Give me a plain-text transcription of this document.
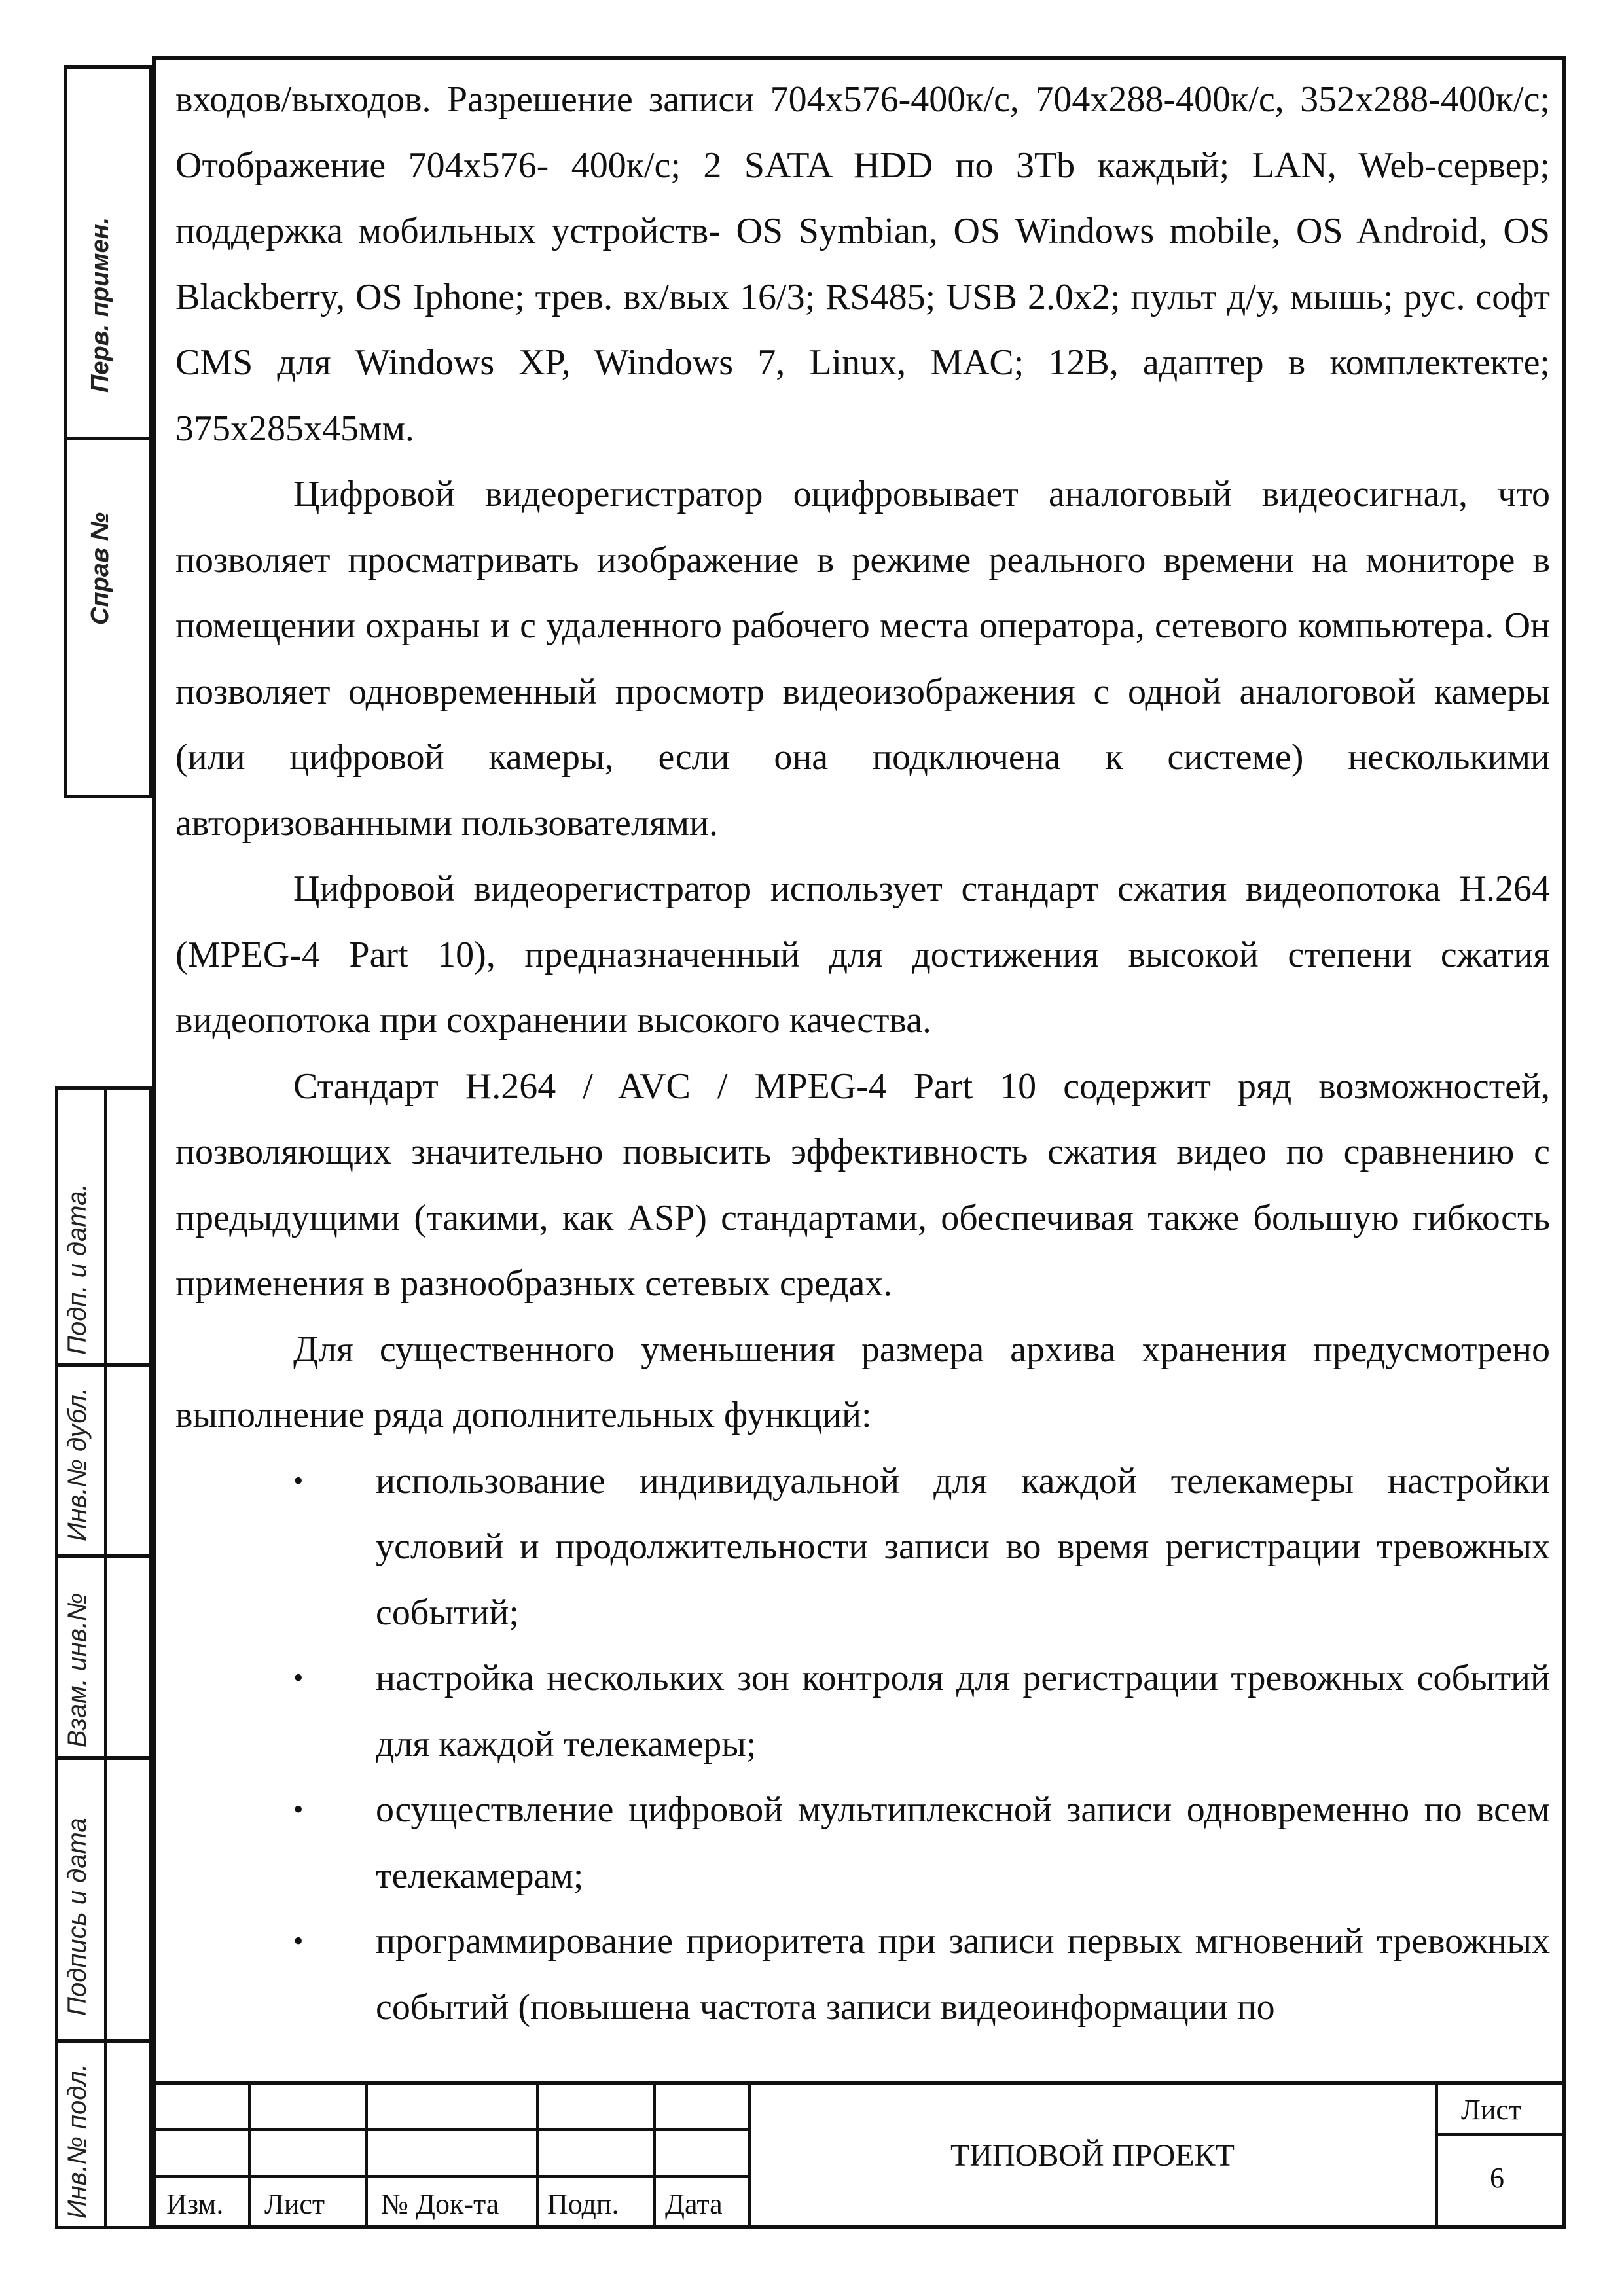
Перв. примен.
Справ №
Подп. и дата.
Инв.№ дубл.
Взам. инв.№
Подпись и дата
Инв.№ подл.

входов/выходов. Разрешение записи 704х576-400к/с, 704х288-400к/с, 352х288-400к/с; Отображение 704х576- 400к/с; 2 SATA HDD по 3Tb каждый; LAN, Web-сервер; поддержка мобильных устройств- OS Symbian, OS Windows mobile, OS Android, OS Blackberry, OS Iphone; трев. вх/вых 16/3; RS485; USB 2.0х2; пульт д/у, мышь; рус. софт CMS для Windows XP, Windows 7, Linux, MAC; 12В, адаптер в комплектекте; 375х285х45мм.

Цифровой видеорегистратор оцифровывает аналоговый видеосигнал, что позволяет просматривать изображение в режиме реального времени на мониторе в помещении охраны и с удаленного рабочего места оператора, сетевого компьютера. Он позволяет одновременный просмотр видеоизображения с одной аналоговой камеры (или цифровой камеры, если она подключена к системе) несколькими авторизованными пользователями.

Цифровой видеорегистратор использует стандарт сжатия видеопотока H.264 (MPEG-4 Part 10), предназначенный для достижения высокой степени сжатия видеопотока при сохранении высокого качества.

Стандарт H.264 / AVC / MPEG-4 Part 10 содержит ряд возможностей, позволяющих значительно повысить эффективность сжатия видео по сравнению с предыдущими (такими, как ASP) стандартами, обеспечивая также большую гибкость применения в разнообразных сетевых средах.

Для существенного уменьшения размера архива хранения предусмотрено выполнение ряда дополнительных функций:

•	использование индивидуальной для каждой телекамеры настройки условий и продолжительности записи во время регистрации тревожных событий;
•	настройка нескольких зон контроля для регистрации тревожных событий для каждой телекамеры;
•	осуществление цифровой мультиплексной записи одновременно по всем телекамерам;
•	программирование приоритета при записи первых мгновений тревожных событий (повышена частота записи видеоинформации по
Изм. Лист № Док-та Подп. Дата
Лист
6
ТИПОВОЙ ПРОЕКТ
